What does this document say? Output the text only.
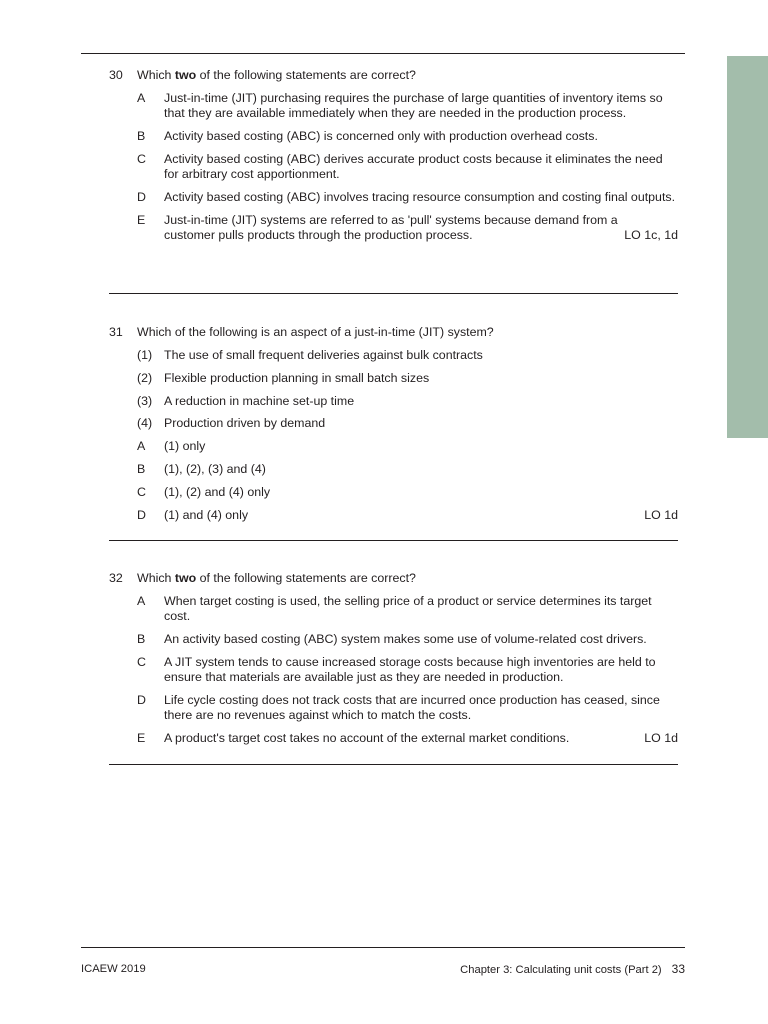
30	Which two of the following statements are correct?
A	Just-in-time (JIT) purchasing requires the purchase of large quantities of inventory items so that they are available immediately when they are needed in the production process.
B	Activity based costing (ABC) is concerned only with production overhead costs.
C	Activity based costing (ABC) derives accurate product costs because it eliminates the need for arbitrary cost apportionment.
D	Activity based costing (ABC) involves tracing resource consumption and costing final outputs.
E
LO 1c, 1d
Just-in-time (JIT) systems are referred to as 'pull' systems because demand from a customer pulls products through the production process.
31	Which of the following is an aspect of a just-in-time (JIT) system?
(1) The use of small frequent deliveries against bulk contracts
(2) Flexible production planning in small batch sizes
(3) A reduction in machine set-up time
(4) Production driven by demand
A	(1) only
B	(1), (2), (3) and (4)
C	(1), (2) and (4) only
D	LO 1d
(1) and (4) only
32	Which two of the following statements are correct?
A	When target costing is used, the selling price of a product or service determines its target cost.
B	An activity based costing (ABC) system makes some use of volume-related cost drivers.
C	A JIT system tends to cause increased storage costs because high inventories are held to ensure that materials are available just as they are needed in production.
D	Life cycle costing does not track costs that are incurred once production has ceased, since there are no revenues against which to match the costs.
E	LO 1d
A product's target cost takes no account of the external market conditions.
ICAEW 2019	Chapter 3: Calculating unit costs (Part 2) 33
